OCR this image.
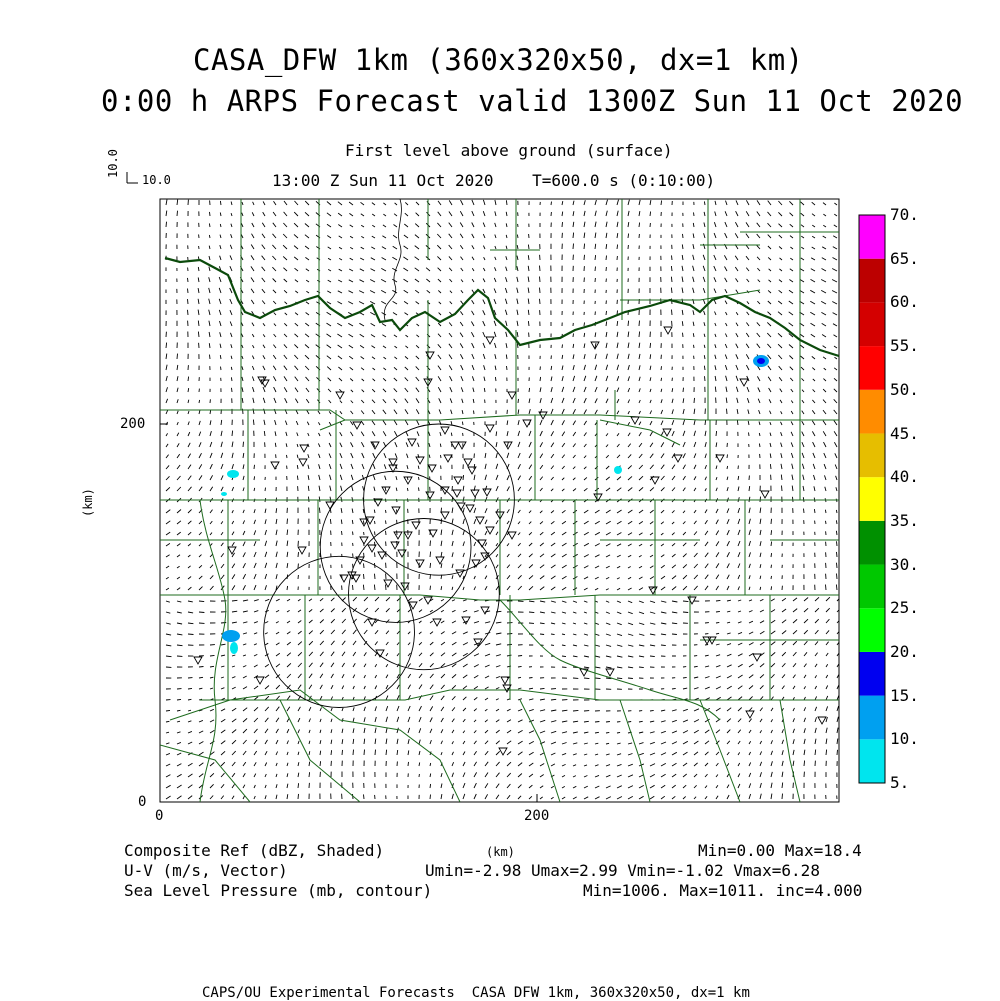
CASA_DFW 1km (360x320x50, dx=1 km)
0:00 h ARPS Forecast valid 1300Z Sun 11 Oct 2020
First level above ground (surface)
13:00 Z Sun 11 Oct 2020    T=600.0 s (0:10:00)
10.0
10.0
200
0
0	200
(km)
5.
10.
15.
20.
25.
30.
35.
40.
45.
50.
55.
60.
65.
70.
Composite Ref (dBZ, Shaded)
U-V (m/s, Vector)
Sea Level Pressure (mb, contour)
(km)	Min=0.00 Max=18.4
Umin=-2.98 Umax=2.99 Vmin=-1.02 Vmax=6.28
Min=1006. Max=1011. inc=4.000
CAPS/OU Experimental Forecasts  CASA DFW 1km, 360x320x50, dx=1 km
